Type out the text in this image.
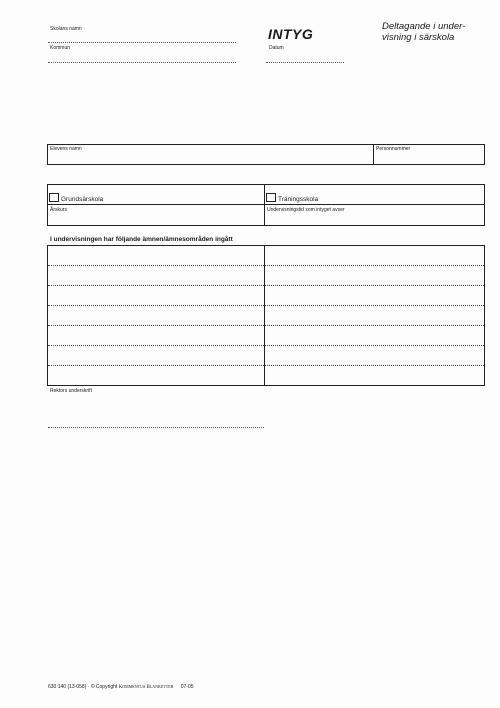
Skolans namn
Kommun
INTYG
Datum
Deltagande i under-
visning i särskola
Elevens namn	Personnummer
Grundsärskola	Träningsskola
Årskurs	Undervisningstid som intyget avser
I undervisningen har följande ämnen/ämnesområden ingått
Rektors underskrift
630 140 (13-058) · © Copyright Kommentus Blanketter 07-05
